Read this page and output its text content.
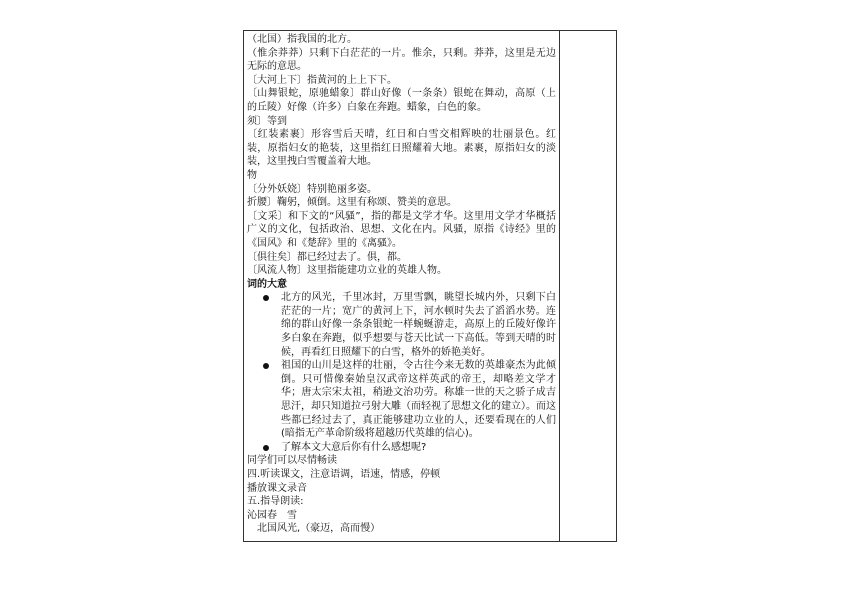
（北国）指我国的北方。

（惟余莽莽）只剩下白茫茫的一片。惟余，只剩。莽莽，这里是无边无际的意思。

〔大河上下〕指黄河的上上下下。

〔山舞银蛇，原驰蜡象〕群山好像（一条条）银蛇在舞动，高原（上的丘陵）好像（许多）白象在奔跑。蜡象，白色的象。

须〕等到

〔红装素裹〕形容雪后天晴，红日和白雪交相辉映的壮丽景色。红装，原指妇女的艳装，这里指红日照耀着大地。素裹，原指妇女的淡装，这里拽白雪覆盖着大地。

物

〔分外妖娆〕特别艳丽多姿。

折腰〕鞠躬，倾倒。这里有称颂、赞美的意思。

〔文采〕和下文的“风骚”，指的都是文学才华。这里用文学才华概括广义的文化，包括政治、思想、文化在内。风骚，原指《诗经》里的《国风》和《楚辞》里的《离骚》。

〔俱往矣〕都已经过去了。俱，都。

〔风流人物〕这里指能建功立业的英雄人物。

词的大意

北方的风光，千里冰封，万里雪飘，眺望长城内外，只剩下白茫茫的一片；宽广的黄河上下，河水顿时失去了滔滔水势。连绵的群山好像一条条银蛇一样蜿蜒游走，高原上的丘陵好像许多白象在奔跑，似乎想要与苍天比试一下高低。等到天晴的时候，再看红日照耀下的白雪，格外的娇艳美好。
祖国的山川是这样的壮丽，令古往今来无数的英雄豪杰为此倾倒。只可惜像秦始皇汉武帝这样英武的帝王，却略差文学才华；唐太宗宋太祖，稍逊文治功劳。称雄一世的天之骄子成吉思汗，却只知道拉弓射大雕（而轻视了思想文化的建立）。而这些都已经过去了，真正能够建功立业的人，还要看现在的人们(暗指无产革命阶级将超越历代英雄的信心)。
了解本文大意后你有什么感想呢?

同学们可以尽情畅读

四.听读课文，注意语调，语速，情感，停顿

播放课文录音

五.指导朗读:

沁园春　雪

　北国风光,（豪迈，高而慢）
